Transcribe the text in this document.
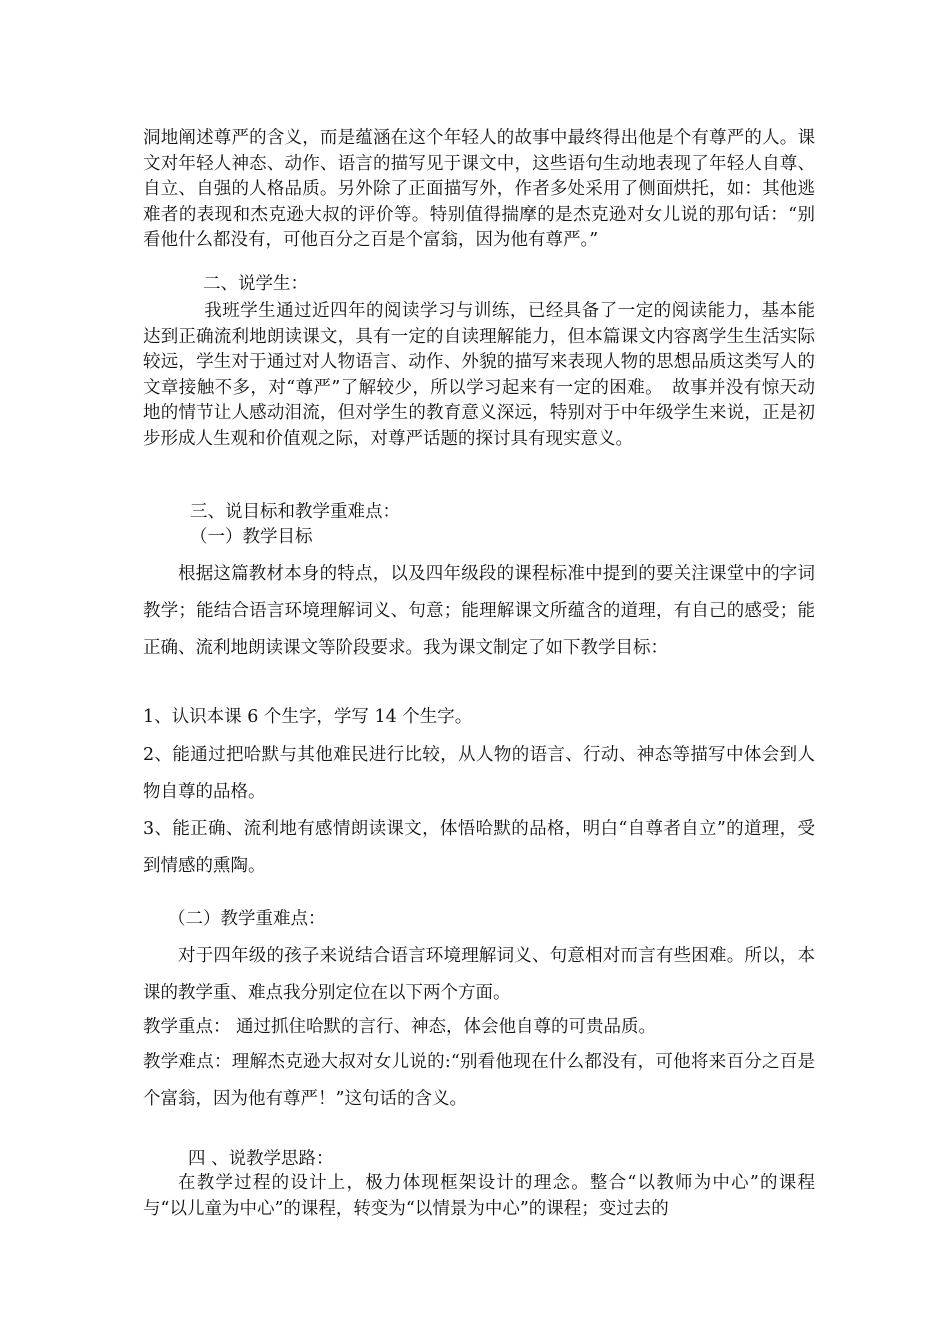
洞地阐述尊严的含义，而是蕴涵在这个年轻人的故事中最终得出他是个有尊严的人。课文对年轻人神态、动作、语言的描写见于课文中，这些语句生动地表现了年轻人自尊、自立、自强的人格品质。另外除了正面描写外，作者多处采用了侧面烘托，如：其他逃难者的表现和杰克逊大叔的评价等。特别值得揣摩的是杰克逊对女儿说的那句话：“别看他什么都没有，可他百分之百是个富翁，因为他有尊严。”

二、说学生：

我班学生通过近四年的阅读学习与训练，已经具备了一定的阅读能力，基本能达到正确流利地朗读课文，具有一定的自读理解能力，但本篇课文内容离学生生活实际较远，学生对于通过对人物语言、动作、外貌的描写来表现人物的思想品质这类写人的文章接触不多，对“尊严”了解较少，所以学习起来有一定的困难。　故事并没有惊天动地的情节让人感动泪流，但对学生的教育意义深远，特别对于中年级学生来说，正是初步形成人生观和价值观之际，对尊严话题的探讨具有现实意义。

三、说目标和教学重难点：

（一）教学目标

根据这篇教材本身的特点，以及四年级段的课程标准中提到的要关注课堂中的字词教学；能结合语言环境理解词义、句意；能理解课文所蕴含的道理，有自己的感受；能正确、流利地朗读课文等阶段要求。我为课文制定了如下教学目标：

1、认识本课 6 个生字，学写 14 个生字。

2、能通过把哈默与其他难民进行比较，从人物的语言、行动、神态等描写中体会到人物自尊的品格。

3、能正确、流利地有感情朗读课文，体悟哈默的品格，明白“自尊者自立”的道理，受到情感的熏陶。

（二）教学重难点：

对于四年级的孩子来说结合语言环境理解词义、句意相对而言有些困难。所以，本课的教学重、难点我分别定位在以下两个方面。

教学重点： 通过抓住哈默的言行、神态，体会他自尊的可贵品质。

教学难点：理解杰克逊大叔对女儿说的:“别看他现在什么都没有，可他将来百分之百是个富翁，因为他有尊严！”这句话的含义。

四 、说教学思路：

在教学过程的设计上，极力体现框架设计的理念。整合“以教师为中心”的课程与“以儿童为中心”的课程，转变为“以情景为中心”的课程；变过去的
